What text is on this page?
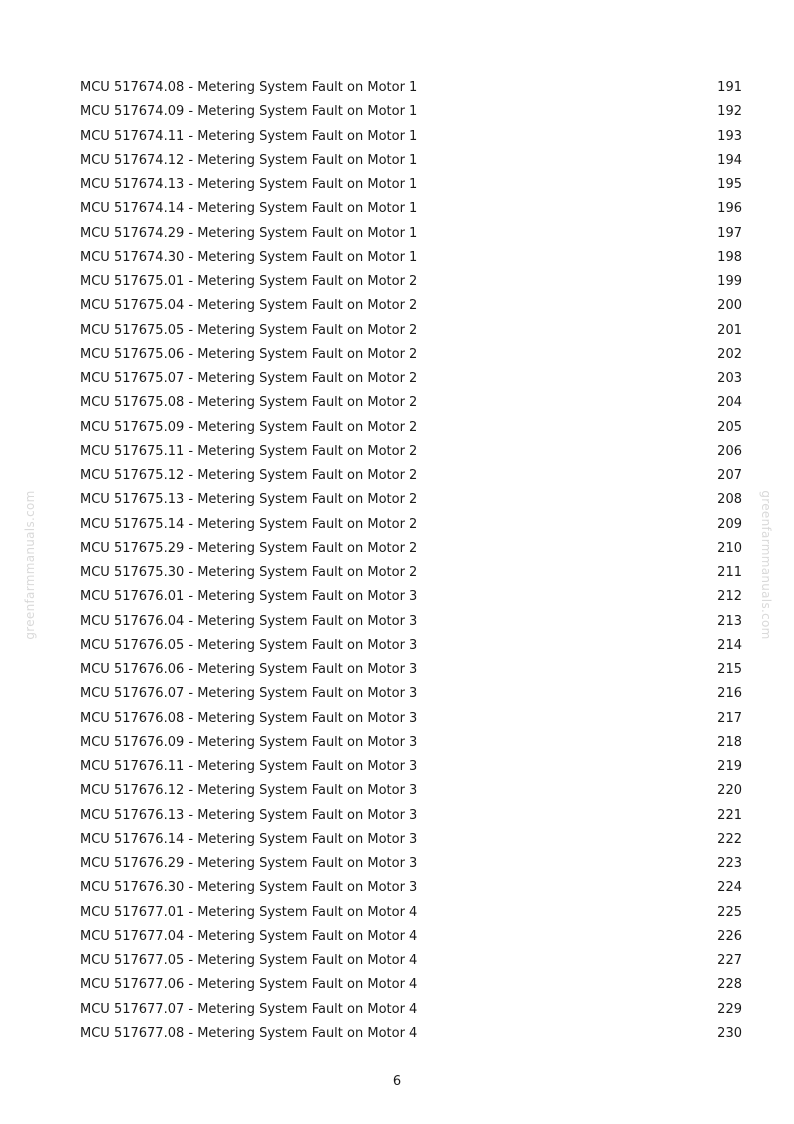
greenfarmmanuals.com	greenfarmmanuals.com
MCU 517674.08 - Metering System Fault on Motor 1	191
MCU 517674.09 - Metering System Fault on Motor 1	192
MCU 517674.11 - Metering System Fault on Motor 1	193
MCU 517674.12 - Metering System Fault on Motor 1	194
MCU 517674.13 - Metering System Fault on Motor 1	195
MCU 517674.14 - Metering System Fault on Motor 1	196
MCU 517674.29 - Metering System Fault on Motor 1	197
MCU 517674.30 - Metering System Fault on Motor 1	198
MCU 517675.01 - Metering System Fault on Motor 2	199
MCU 517675.04 - Metering System Fault on Motor 2	200
MCU 517675.05 - Metering System Fault on Motor 2	201
MCU 517675.06 - Metering System Fault on Motor 2	202
MCU 517675.07 - Metering System Fault on Motor 2	203
MCU 517675.08 - Metering System Fault on Motor 2	204
MCU 517675.09 - Metering System Fault on Motor 2	205
MCU 517675.11 - Metering System Fault on Motor 2	206
MCU 517675.12 - Metering System Fault on Motor 2	207
MCU 517675.13 - Metering System Fault on Motor 2	208
MCU 517675.14 - Metering System Fault on Motor 2	209
MCU 517675.29 - Metering System Fault on Motor 2	210
MCU 517675.30 - Metering System Fault on Motor 2	211
MCU 517676.01 - Metering System Fault on Motor 3	212
MCU 517676.04 - Metering System Fault on Motor 3	213
MCU 517676.05 - Metering System Fault on Motor 3	214
MCU 517676.06 - Metering System Fault on Motor 3	215
MCU 517676.07 - Metering System Fault on Motor 3	216
MCU 517676.08 - Metering System Fault on Motor 3	217
MCU 517676.09 - Metering System Fault on Motor 3	218
MCU 517676.11 - Metering System Fault on Motor 3	219
MCU 517676.12 - Metering System Fault on Motor 3	220
MCU 517676.13 - Metering System Fault on Motor 3	221
MCU 517676.14 - Metering System Fault on Motor 3	222
MCU 517676.29 - Metering System Fault on Motor 3	223
MCU 517676.30 - Metering System Fault on Motor 3	224
MCU 517677.01 - Metering System Fault on Motor 4	225
MCU 517677.04 - Metering System Fault on Motor 4	226
MCU 517677.05 - Metering System Fault on Motor 4	227
MCU 517677.06 - Metering System Fault on Motor 4	228
MCU 517677.07 - Metering System Fault on Motor 4	229
MCU 517677.08 - Metering System Fault on Motor 4	230
6
